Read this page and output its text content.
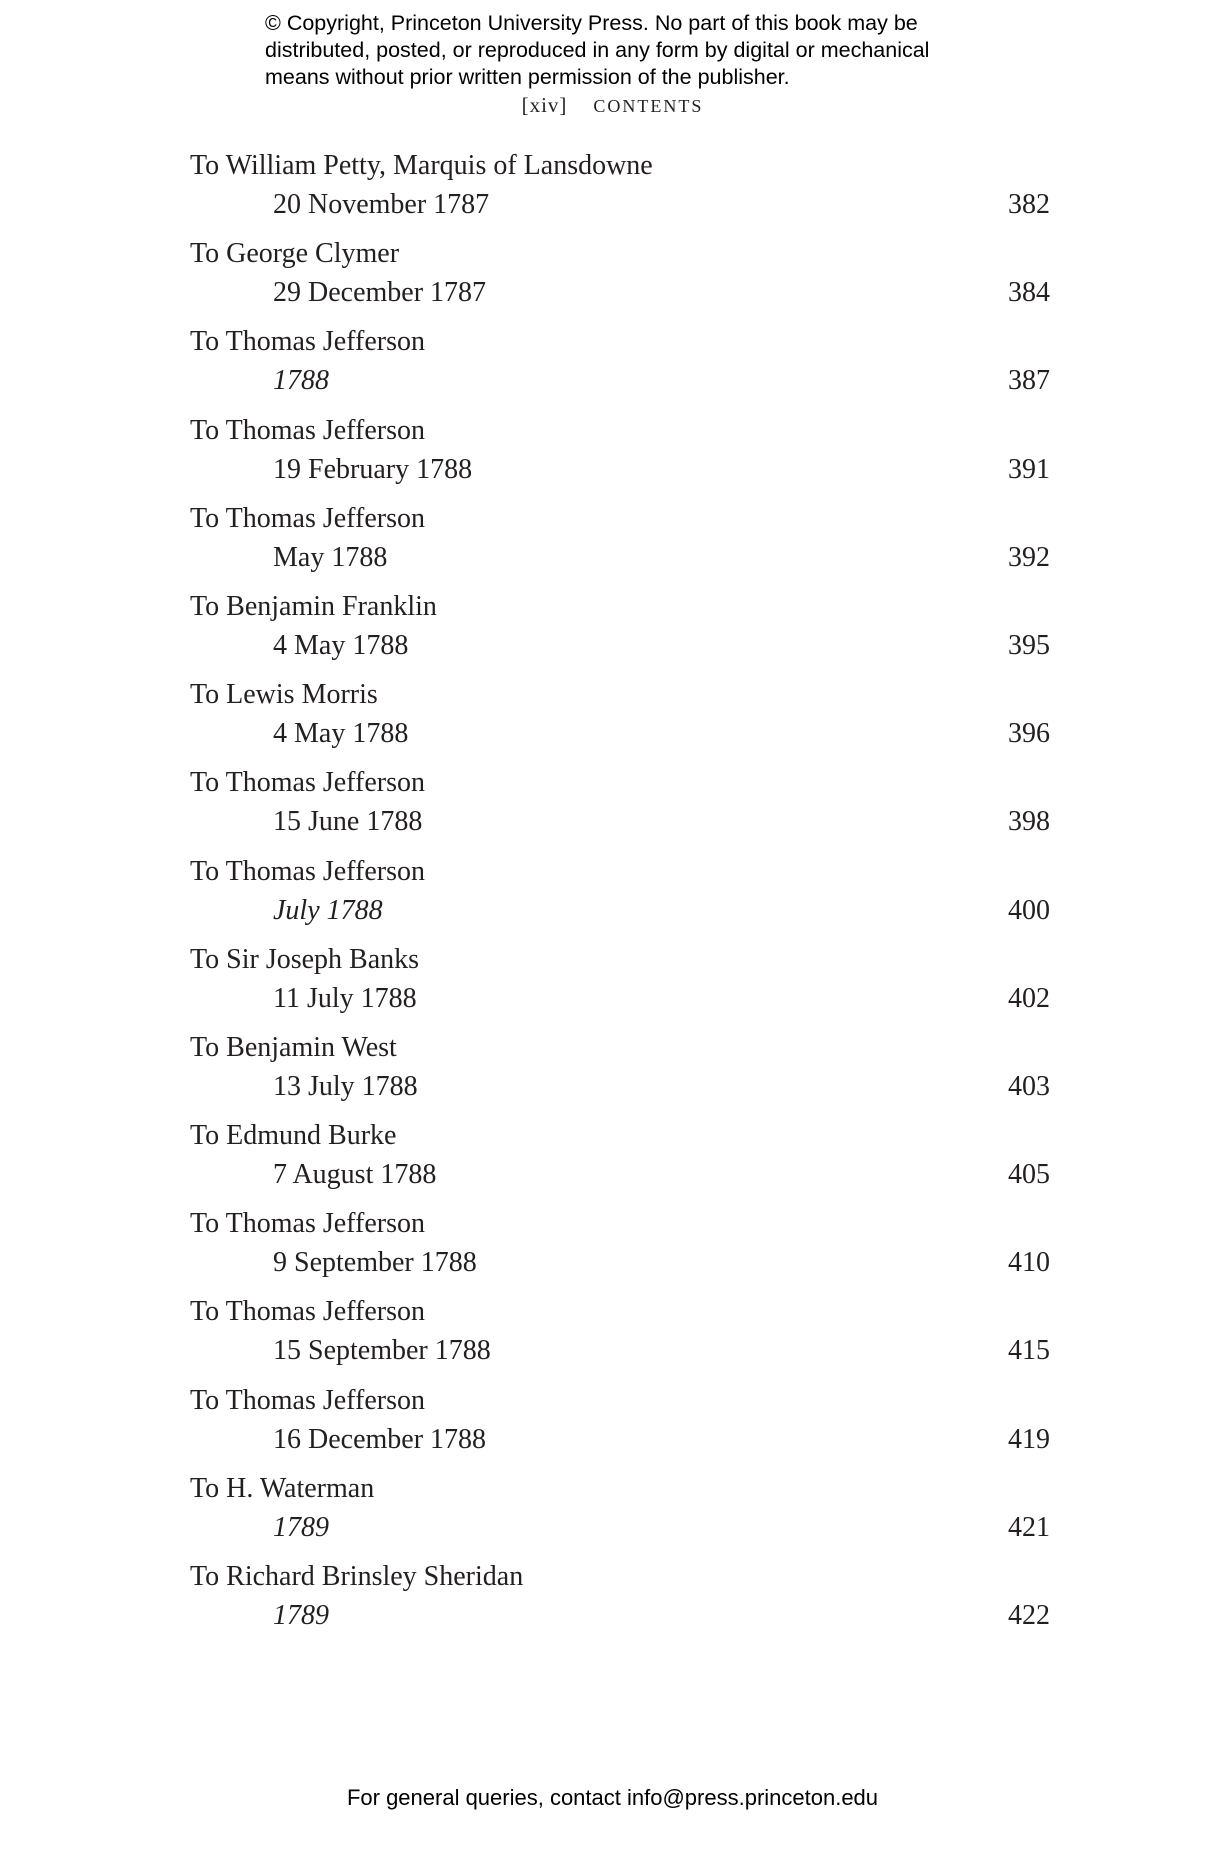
© Copyright, Princeton University Press. No part of this book may be
distributed, posted, or reproduced in any form by digital or mechanical
means without prior written permission of the publisher.
[xiv] CONTENTS
To William Petty, Marquis of Lansdowne
20 November 1787	382
To George Clymer
29 December 1787	384
To Thomas Jefferson
1788	387
To Thomas Jefferson
19 February 1788	391
To Thomas Jefferson
May 1788	392
To Benjamin Franklin
4 May 1788	395
To Lewis Morris
4 May 1788	396
To Thomas Jefferson
15 June 1788	398
To Thomas Jefferson
July 1788	400
To Sir Joseph Banks
11 July 1788	402
To Benjamin West
13 July 1788	403
To Edmund Burke
7 August 1788	405
To Thomas Jefferson
9 September 1788	410
To Thomas Jefferson
15 September 1788	415
To Thomas Jefferson
16 December 1788	419
To H. Waterman
1789	421
To Richard Brinsley Sheridan
1789	422
For general queries, contact info@press.princeton.edu
